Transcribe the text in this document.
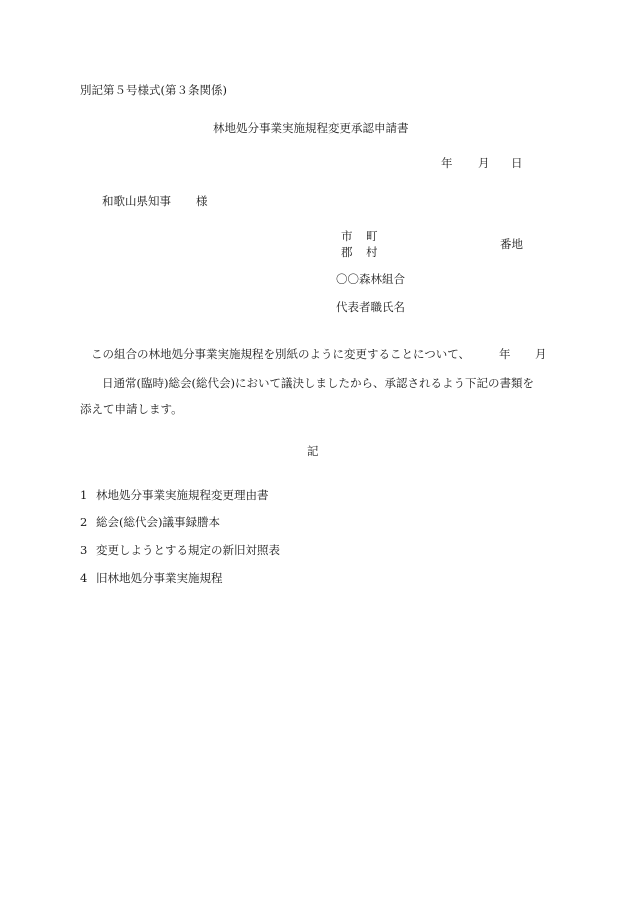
別記第５号様式(第３条関係)
林地処分事業実施規程変更承認申請書
年 月 日
和歌山県知事 様
市 町
郡 村
番地
〇〇森林組合
代表者職氏名
この組合の林地処分事業実施規程を別紙のように変更することについて、	年 月
日通常(臨時)総会(総代会)において議決しましたから、承認されるよう下記の書類を
添えて申請します。
記
1 林地処分事業実施規程変更理由書
2 総会(総代会)議事録謄本
3 変更しようとする規定の新旧対照表
4 旧林地処分事業実施規程
